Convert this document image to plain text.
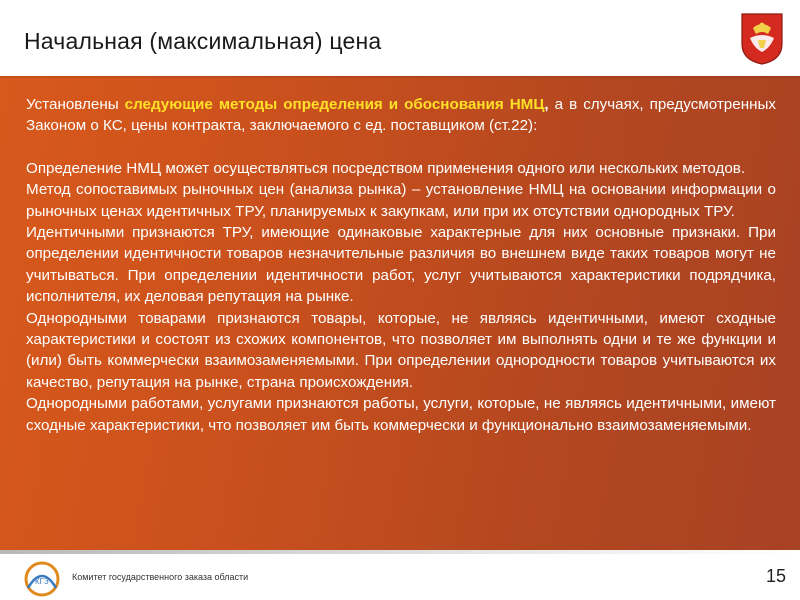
Начальная (максимальная) цена

Установлены следующие методы определения и обоснования НМЦ, а в случаях, предусмотренных Законом о КС, цены контракта, заключаемого с ед. поставщиком (ст.22):

Определение НМЦ может осуществляться посредством применения одного или нескольких методов.

Метод сопоставимых рыночных цен (анализа рынка) – установление НМЦ на основании информации о рыночных ценах идентичных ТРУ, планируемых к закупкам, или при их отсутствии однородных ТРУ.

Идентичными признаются ТРУ, имеющие одинаковые характерные для них основные признаки. При определении идентичности товаров незначительные различия во внешнем виде таких товаров могут не учитываться. При определении идентичности работ, услуг учитываются характеристики подрядчика, исполнителя, их деловая репутация на рынке.

Однородными товарами признаются товары, которые, не являясь идентичными, имеют сходные характеристики и состоят из схожих компонентов, что позволяет им выполнять одни и те же функции и (или) быть коммерчески взаимозаменяемыми. При определении однородности товаров учитываются их качество, репутация на рынке, страна происхождения.

Однородными работами, услугами признаются работы, услуги, которые, не являясь идентичными, имеют сходные характеристики, что позволяет им быть коммерчески и функционально взаимозаменяемыми.

КГЗ	Комитет государственного заказа области	15
